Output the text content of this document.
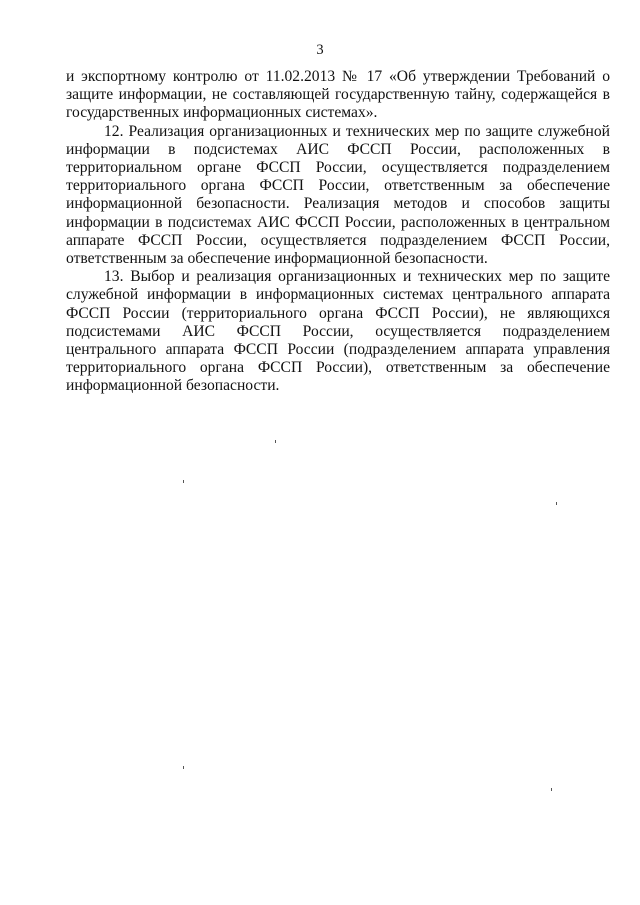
3

и экспортному контролю от 11.02.2013 № 17 «Об утверждении Требований о защите информации, не составляющей государственную тайну, содержащейся в государственных информационных системах».

12. Реализация организационных и технических мер по защите служебной информации в подсистемах АИС ФССП России, расположенных в территориальном органе ФССП России, осуществляется подразделением территориального органа ФССП России, ответственным за обеспечение информационной безопасности. Реализация методов и способов защиты информации в подсистемах АИС ФССП России, расположенных в центральном аппарате ФССП России, осуществляется подразделением ФССП России, ответственным за обеспечение информационной безопасности.

13. Выбор и реализация организационных и технических мер по защите служебной информации в информационных системах центрального аппарата ФССП России (территориального органа ФССП России), не являющихся подсистемами АИС ФССП России, осуществляется подразделением центрального аппарата ФССП России (подразделением аппарата управления территориального органа ФССП России), ответственным за обеспечение информационной безопасности.
